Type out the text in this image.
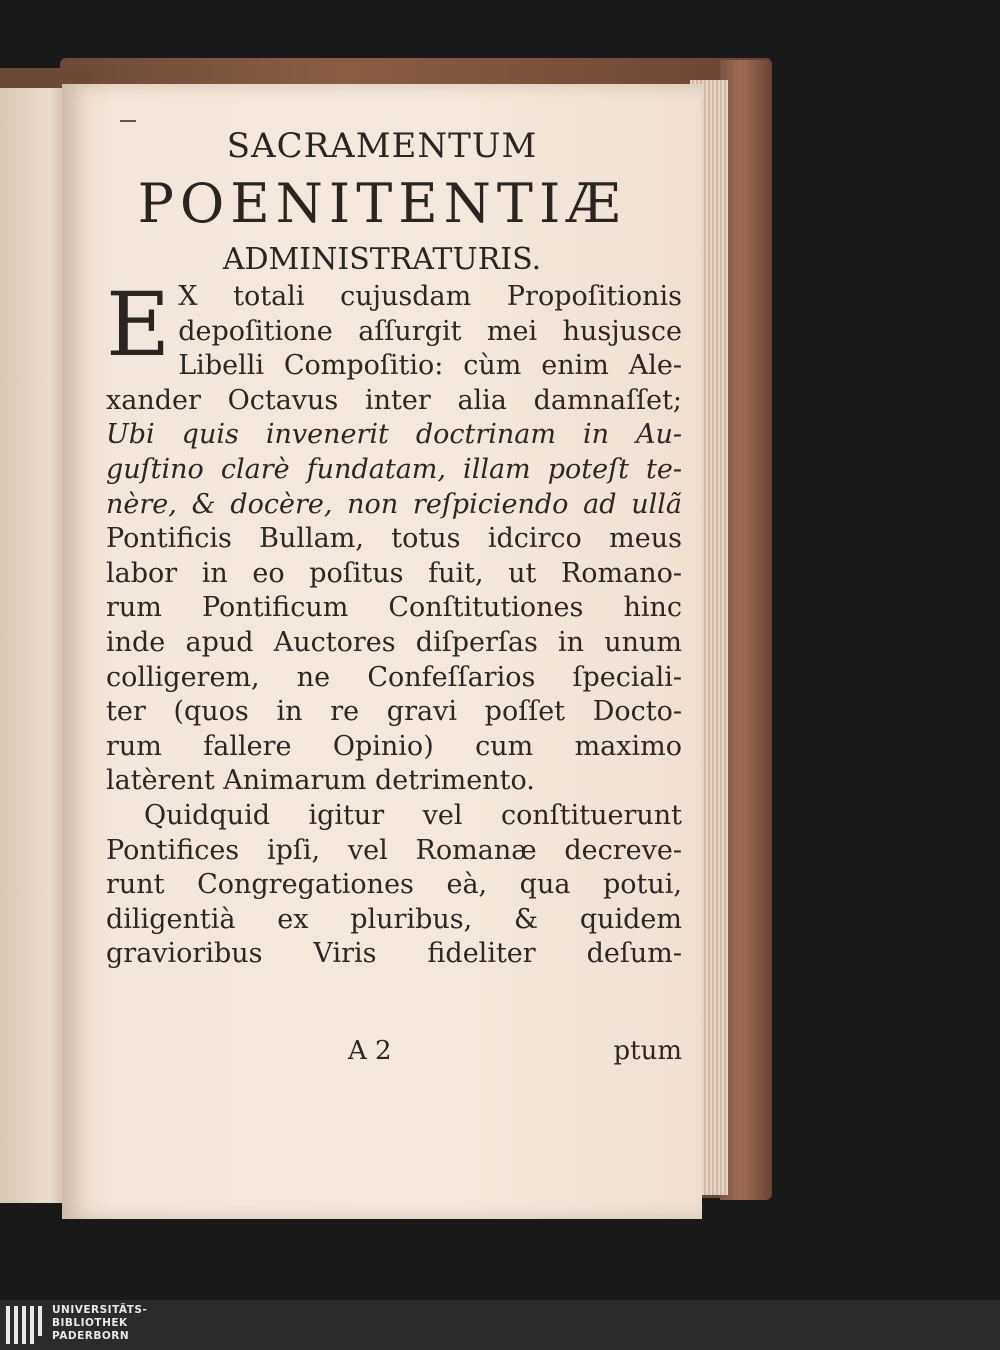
SACRAMENTUM
POENITENTIÆ
ADMINISTRATURIS.
E X totali cujusdam Propoſitionis
depoſitione aſſurgit mei husjusce
Libelli Compoſitio: cùm enim Ale-
xander Octavus inter alia damnaſſet;
Ubi quis invenerit doctrinam in Au-
guſtino clarè fundatam, illam poteſt te-
nère, & docère, non reſpiciendo ad ullã
Pontificis Bullam, totus idcirco meus
labor in eo poſitus fuit, ut Romano-
rum Pontificum Conſtitutiones hinc
inde apud Auctores diſperſas in unum
colligerem, ne Confeſſarios ſpeciali-
ter (quos in re gravi poſſet Docto-
rum fallere Opinio) cum maximo
latèrent Animarum detrimento.
Quidquid igitur vel conſtituerunt
Pontifices ipſi, vel Romanæ decreve-
runt Congregationes eà, qua potui,
diligentià ex pluribus, & quidem
gravioribus Viris fideliter deſum-
A 2	ptum
UNIVERSITÄTS-
BIBLIOTHEK
PADERBORN
